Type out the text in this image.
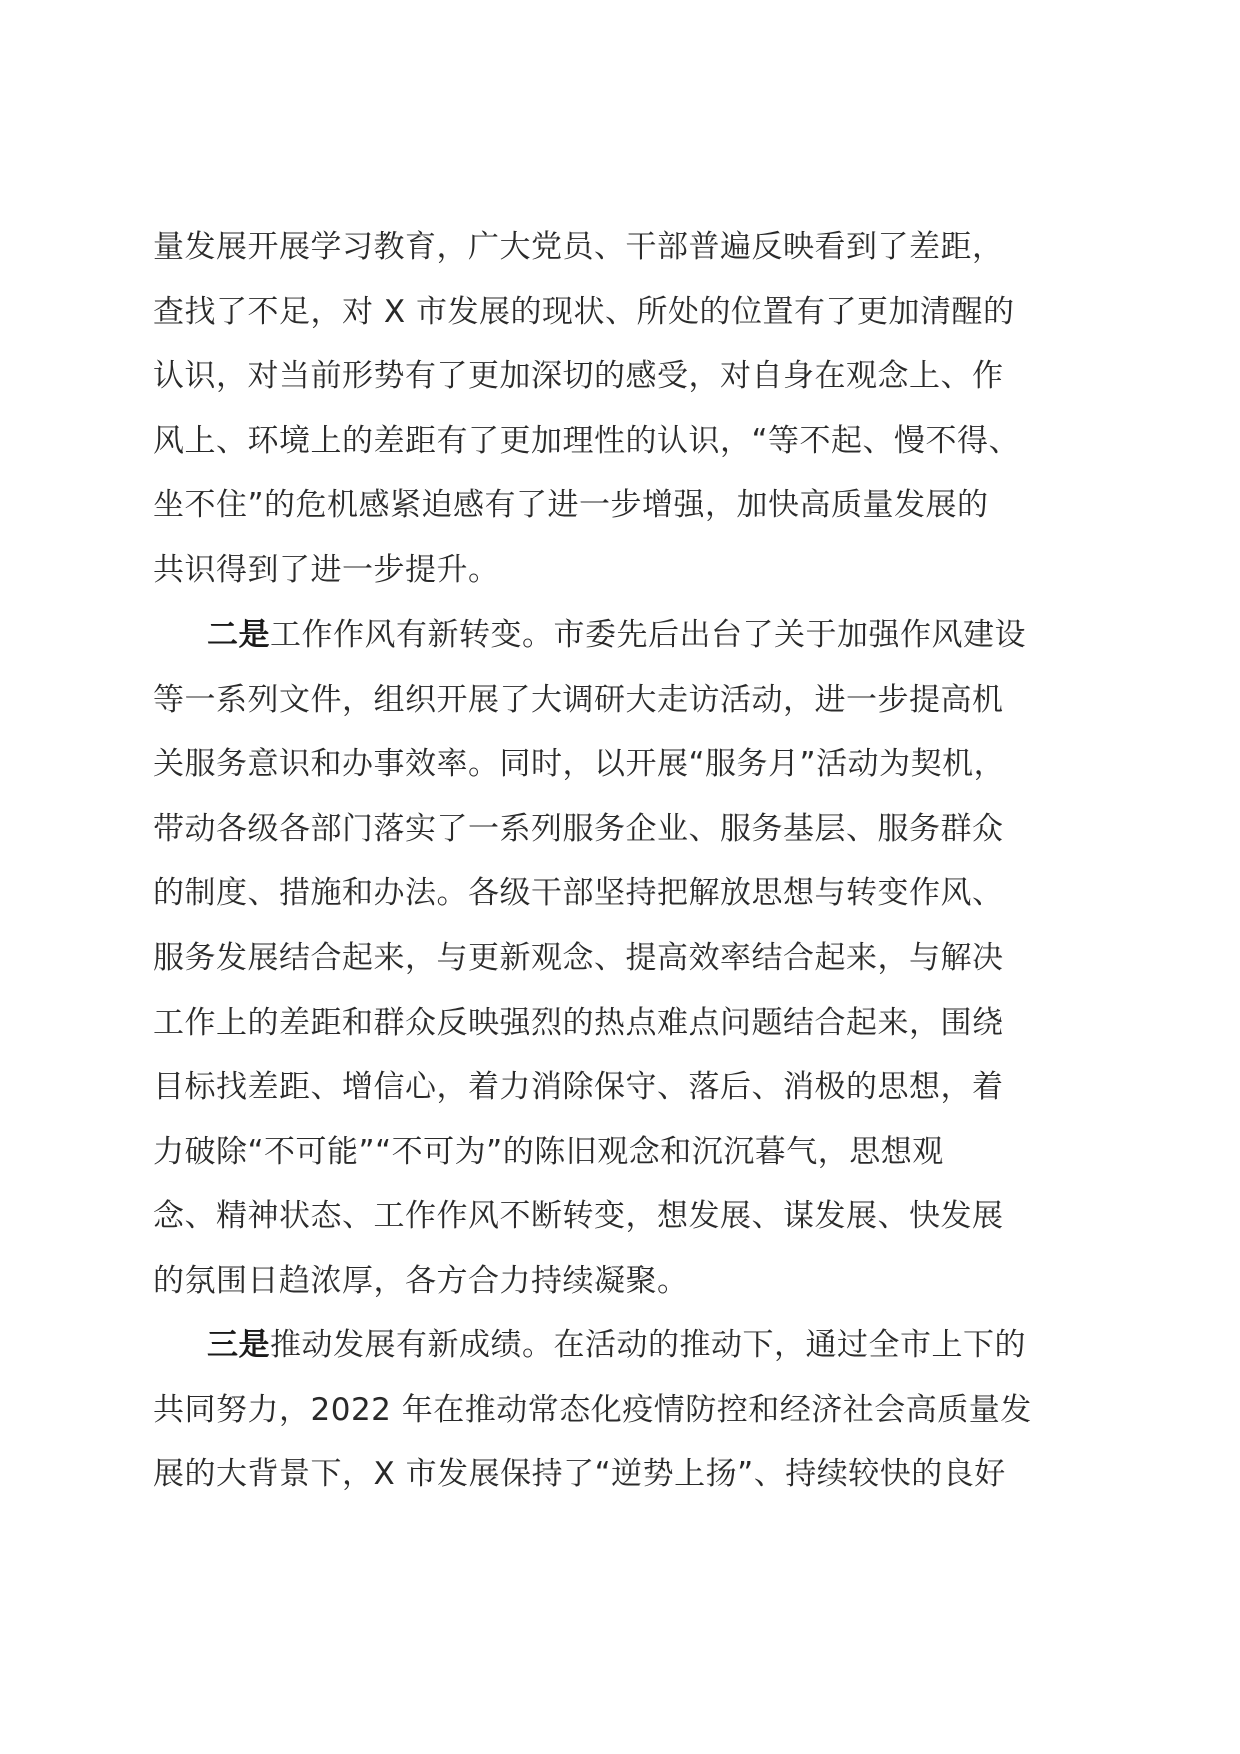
量发展开展学习教育，广大党员、干部普遍反映看到了差距，
查找了不足，对 X 市发展的现状、所处的位置有了更加清醒的
认识，对当前形势有了更加深切的感受，对自身在观念上、作
风上、环境上的差距有了更加理性的认识，“等不起、慢不得、
坐不住”的危机感紧迫感有了进一步增强，加快高质量发展的
共识得到了进一步提升。
二是工作作风有新转变。市委先后出台了关于加强作风建设
等一系列文件，组织开展了大调研大走访活动，进一步提高机
关服务意识和办事效率。同时，以开展“服务月”活动为契机，
带动各级各部门落实了一系列服务企业、服务基层、服务群众
的制度、措施和办法。各级干部坚持把解放思想与转变作风、
服务发展结合起来，与更新观念、提高效率结合起来，与解决
工作上的差距和群众反映强烈的热点难点问题结合起来，围绕
目标找差距、增信心，着力消除保守、落后、消极的思想，着
力破除“不可能”“不可为”的陈旧观念和沉沉暮气，思想观
念、精神状态、工作作风不断转变，想发展、谋发展、快发展
的氛围日趋浓厚，各方合力持续凝聚。
三是推动发展有新成绩。在活动的推动下，通过全市上下的
共同努力，2022 年在推动常态化疫情防控和经济社会高质量发
展的大背景下，X 市发展保持了“逆势上扬”、持续较快的良好
